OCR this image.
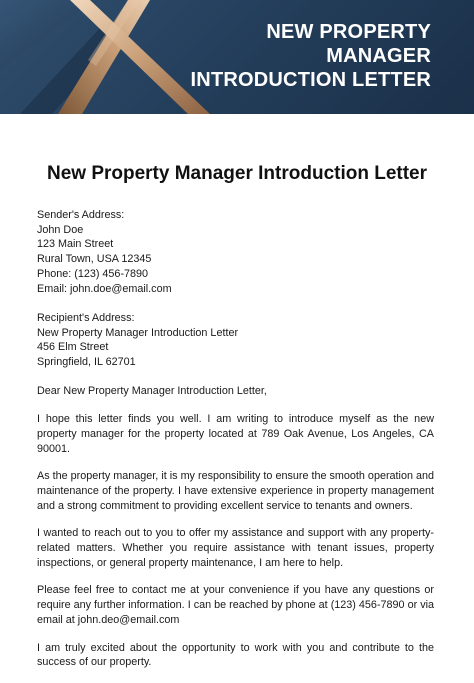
NEW PROPERTY
MANAGER
INTRODUCTION LETTER
New Property Manager Introduction Letter
Sender's Address:
John Doe
123 Main Street
Rural Town, USA 12345
Phone: (123) 456-7890
Email: john.doe@email.com
Recipient's Address:
New Property Manager Introduction Letter
456 Elm Street
Springfield, IL 62701

Dear New Property Manager Introduction Letter,

I hope this letter finds you well. I am writing to introduce myself as the new property manager for the property located at 789 Oak Avenue, Los Angeles, CA 90001.

As the property manager, it is my responsibility to ensure the smooth operation and maintenance of the property. I have extensive experience in property management and a strong commitment to providing excellent service to tenants and owners.

I wanted to reach out to you to offer my assistance and support with any property-related matters. Whether you require assistance with tenant issues, property inspections, or general property maintenance, I am here to help.

Please feel free to contact me at your convenience if you have any questions or require any further information. I can be reached by phone at (123) 456-7890 or via email at john.deo@email.com

I am truly excited about the opportunity to work with you and contribute to the success of our property.
